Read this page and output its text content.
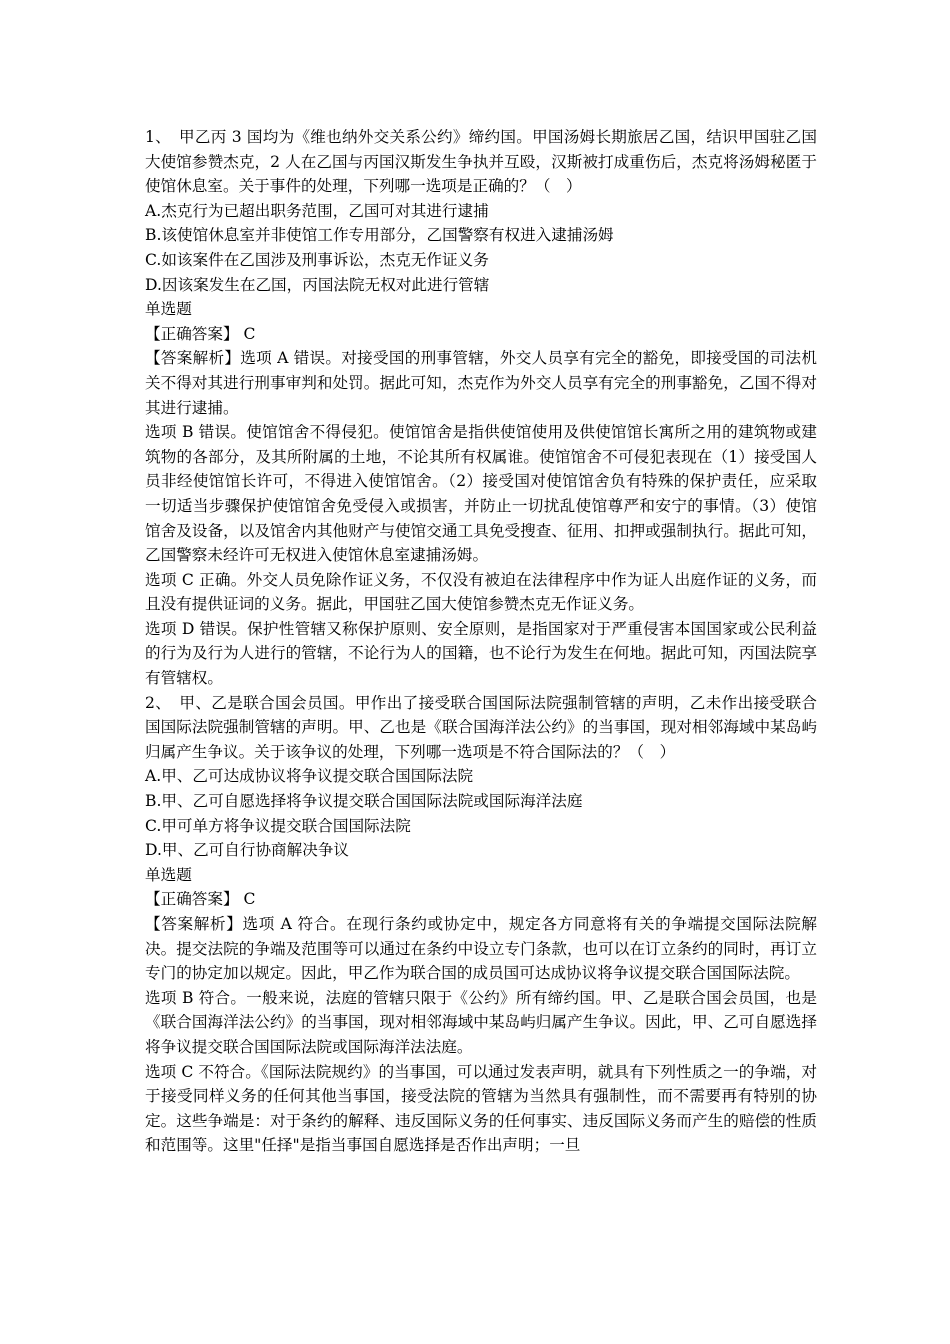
1、　甲乙丙 3 国均为《维也纳外交关系公约》缔约国。甲国汤姆长期旅居乙国，结识甲国驻乙国大使馆参赞杰克，2 人在乙国与丙国汉斯发生争执并互殴，汉斯被打成重伤后，杰克将汤姆秘匿于使馆休息室。关于事件的处理，下列哪一选项是正确的？（　）

A.杰克行为已超出职务范围，乙国可对其进行逮捕

B.该使馆休息室并非使馆工作专用部分，乙国警察有权进入逮捕汤姆

C.如该案件在乙国涉及刑事诉讼，杰克无作证义务

D.因该案发生在乙国，丙国法院无权对此进行管辖

单选题

【正确答案】 C

【答案解析】选项 A 错误。对接受国的刑事管辖，外交人员享有完全的豁免，即接受国的司法机关不得对其进行刑事审判和处罚。据此可知，杰克作为外交人员享有完全的刑事豁免，乙国不得对其进行逮捕。

选项 B 错误。使馆馆舍不得侵犯。使馆馆舍是指供使馆使用及供使馆馆长寓所之用的建筑物或建筑物的各部分，及其所附属的土地，不论其所有权属谁。使馆馆舍不可侵犯表现在（1）接受国人员非经使馆馆长许可，不得进入使馆馆舍。（2）接受国对使馆馆舍负有特殊的保护责任，应采取一切适当步骤保护使馆馆舍免受侵入或损害，并防止一切扰乱使馆尊严和安宁的事情。（3）使馆馆舍及设备，以及馆舍内其他财产与使馆交通工具免受搜查、征用、扣押或强制执行。据此可知，乙国警察未经许可无权进入使馆休息室逮捕汤姆。

选项 C 正确。外交人员免除作证义务，不仅没有被迫在法律程序中作为证人出庭作证的义务，而且没有提供证词的义务。据此，甲国驻乙国大使馆参赞杰克无作证义务。

选项 D 错误。保护性管辖又称保护原则、安全原则，是指国家对于严重侵害本国国家或公民利益的行为及行为人进行的管辖，不论行为人的国籍，也不论行为发生在何地。据此可知，丙国法院享有管辖权。

2、　甲、乙是联合国会员国。甲作出了接受联合国国际法院强制管辖的声明，乙未作出接受联合国国际法院强制管辖的声明。甲、乙也是《联合国海洋法公约》的当事国，现对相邻海域中某岛屿归属产生争议。关于该争议的处理，下列哪一选项是不符合国际法的？（　）

A.甲、乙可达成协议将争议提交联合国国际法院

B.甲、乙可自愿选择将争议提交联合国国际法院或国际海洋法庭

C.甲可单方将争议提交联合国国际法院

D.甲、乙可自行协商解决争议

单选题

【正确答案】 C

【答案解析】选项 A 符合。在现行条约或协定中，规定各方同意将有关的争端提交国际法院解决。提交法院的争端及范围等可以通过在条约中设立专门条款，也可以在订立条约的同时，再订立专门的协定加以规定。因此，甲乙作为联合国的成员国可达成协议将争议提交联合国国际法院。

选项 B 符合。一般来说，法庭的管辖只限于《公约》所有缔约国。甲、乙是联合国会员国，也是《联合国海洋法公约》的当事国，现对相邻海域中某岛屿归属产生争议。因此，甲、乙可自愿选择将争议提交联合国国际法院或国际海洋法法庭。

选项 C 不符合。《国际法院规约》的当事国，可以通过发表声明，就具有下列性质之一的争端，对于接受同样义务的任何其他当事国，接受法院的管辖为当然具有强制性，而不需要再有特别的协定。这些争端是：对于条约的解释、违反国际义务的任何事实、违反国际义务而产生的赔偿的性质和范围等。这里"任择"是指当事国自愿选择是否作出声明；一旦
